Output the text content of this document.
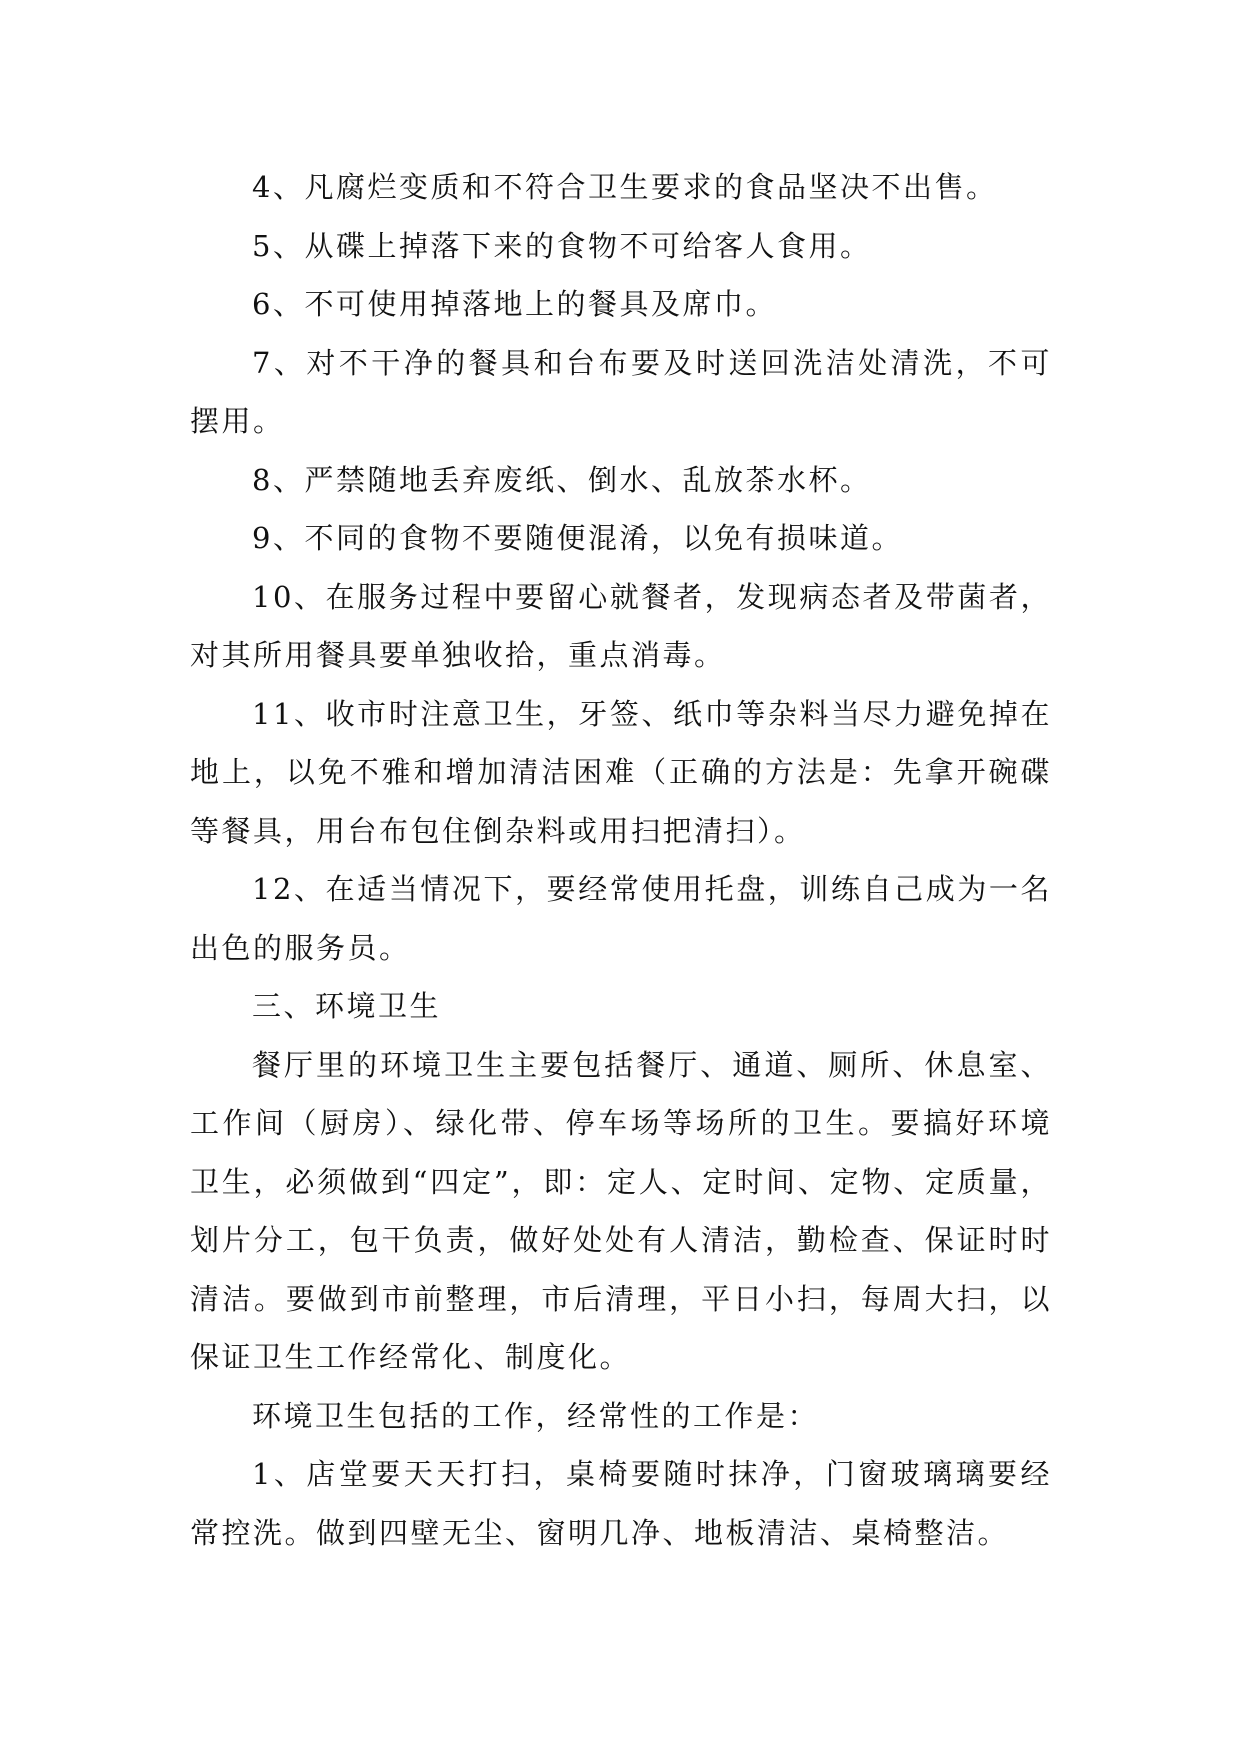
4、凡腐烂变质和不符合卫生要求的食品坚决不出售。

5、从碟上掉落下来的食物不可给客人食用。

6、不可使用掉落地上的餐具及席巾。

7、对不干净的餐具和台布要及时送回洗洁处清洗，不可摆用。

8、严禁随地丢弃废纸、倒水、乱放茶水杯。

9、不同的食物不要随便混淆，以免有损味道。

10、在服务过程中要留心就餐者，发现病态者及带菌者，对其所用餐具要单独收拾，重点消毒。

11、收市时注意卫生，牙签、纸巾等杂料当尽力避免掉在地上，以免不雅和增加清洁困难（正确的方法是：先拿开碗碟等餐具，用台布包住倒杂料或用扫把清扫）。

12、在适当情况下，要经常使用托盘，训练自己成为一名出色的服务员。

三、环境卫生

餐厅里的环境卫生主要包括餐厅、通道、厕所、休息室、工作间（厨房）、绿化带、停车场等场所的卫生。要搞好环境卫生，必须做到“四定”，即：定人、定时间、定物、定质量，划片分工，包干负责，做好处处有人清洁，勤检查、保证时时清洁。要做到市前整理，市后清理，平日小扫，每周大扫，以保证卫生工作经常化、制度化。

环境卫生包括的工作，经常性的工作是：

1、店堂要天天打扫，桌椅要随时抹净，门窗玻璃璃要经常控洗。做到四壁无尘、窗明几净、地板清洁、桌椅整洁。
